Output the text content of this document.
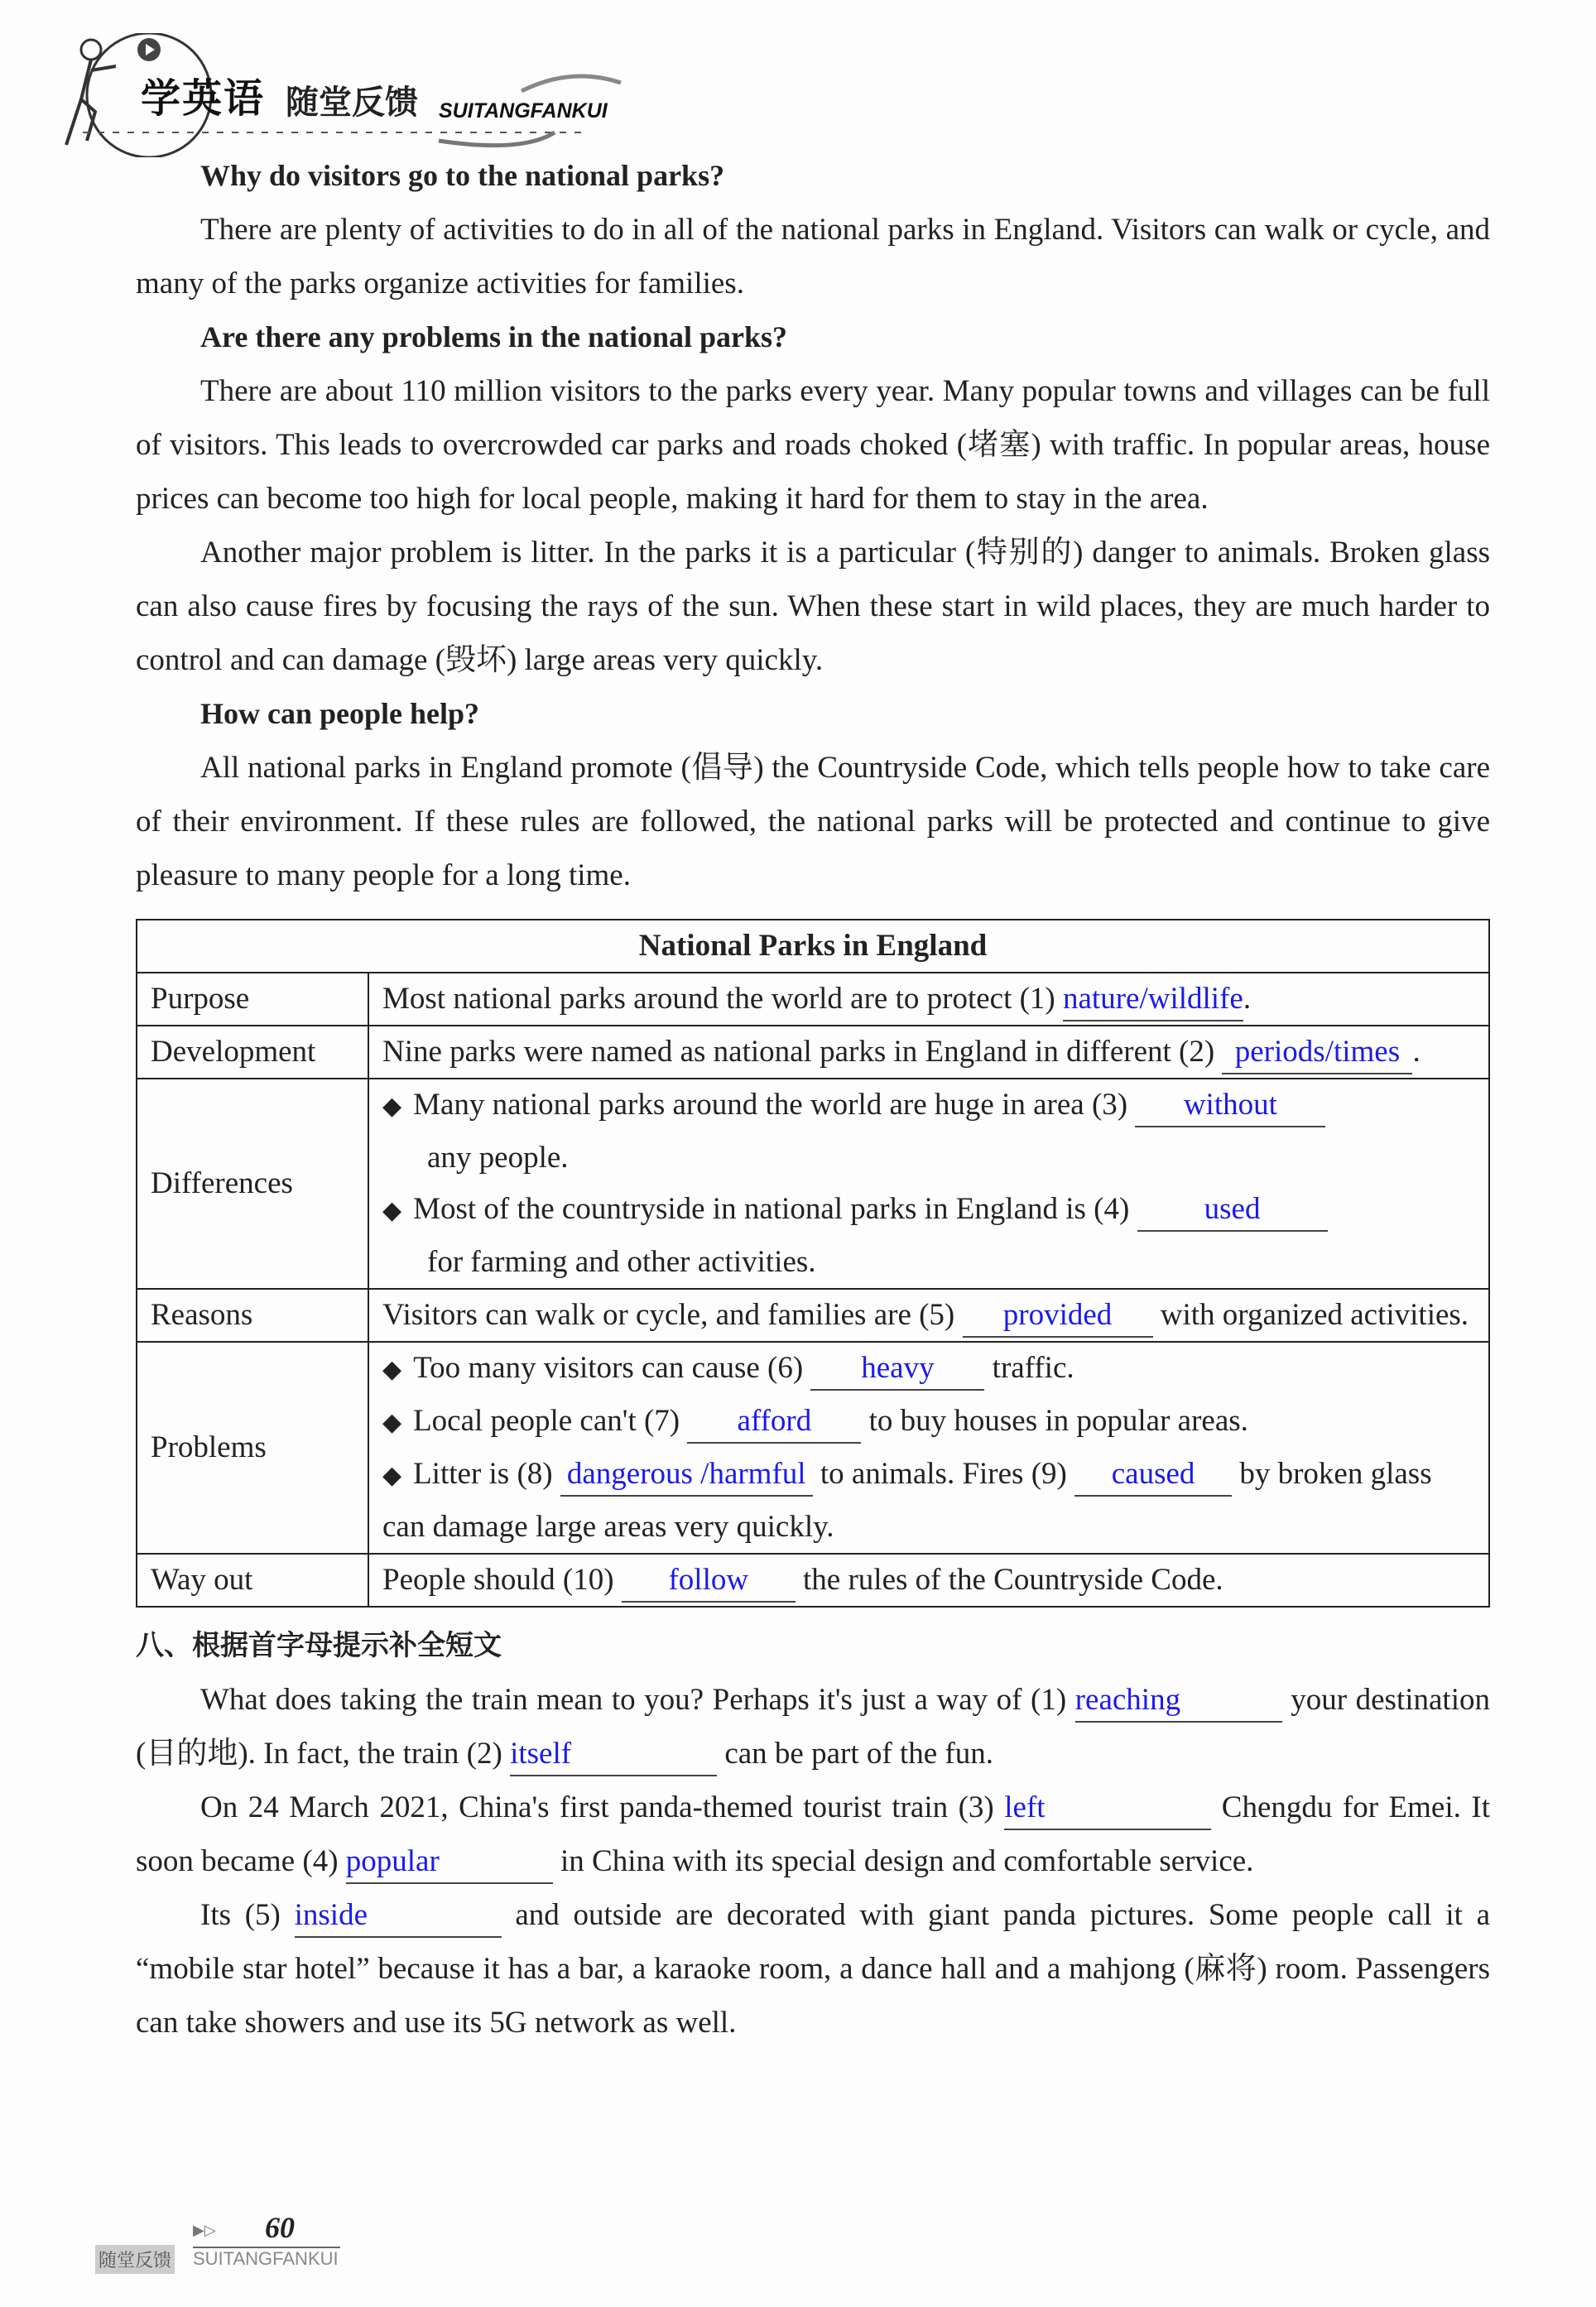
学英语 随堂反馈 SUITANGFANKUI
Why do visitors go to the national parks?
There are plenty of activities to do in all of the national parks in England. Visitors can walk or cycle, and many of the parks organize activities for families.
Are there any problems in the national parks?
There are about 110 million visitors to the parks every year. Many popular towns and villages can be full of visitors. This leads to overcrowded car parks and roads choked (堵塞) with traffic. In popular areas, house prices can become too high for local people, making it hard for them to stay in the area.
Another major problem is litter. In the parks it is a particular (特别的) danger to animals. Broken glass can also cause fires by focusing the rays of the sun. When these start in wild places, they are much harder to control and can damage (毁坏) large areas very quickly.
How can people help?
All national parks in England promote (倡导) the Countryside Code, which tells people how to take care of their environment. If these rules are followed, the national parks will be protected and continue to give pleasure to many people for a long time.
National Parks in England	
Purpose	Most national parks around the world are to protect (1) nature/wildlife.
Development	Nine parks were named as national parks in England in different (2) periods/times .
Differences	◆ Many national parks around the world are huge in area (3) without
any people.
◆ Most of the countryside in national parks in England is (4) used
for farming and other activities.

Reasons	Visitors can walk or cycle, and families are (5) provided with organized activities.
Problems	◆ Too many visitors can cause (6) heavy traffic.
◆ Local people can't (7) afford to buy houses in popular areas.
◆ Litter is (8) dangerous /harmful to animals. Fires (9) caused by broken glass can damage large areas very quickly.

Way out	People should (10) follow the rules of the Countryside Code.
八、根据首字母提示补全短文
What does taking the train mean to you? Perhaps it's just a way of (1) reaching	your destination (目的地). In fact, the train (2) itself	can be part of the fun.
On 24 March 2021, China's first panda-themed tourist train (3) left	Chengdu for Emei. It soon became (4) popular	in China with its special design and comfortable service.
Its (5) inside	and outside are decorated with giant panda pictures. Some people call it a “mobile star hotel” because it has a bar, a karaoke room, a dance hall and a mahjong (麻将) room. Passengers can take showers and use its 5G network as well.
▶▷ 60
随堂反馈 SUITANGFANKUI
